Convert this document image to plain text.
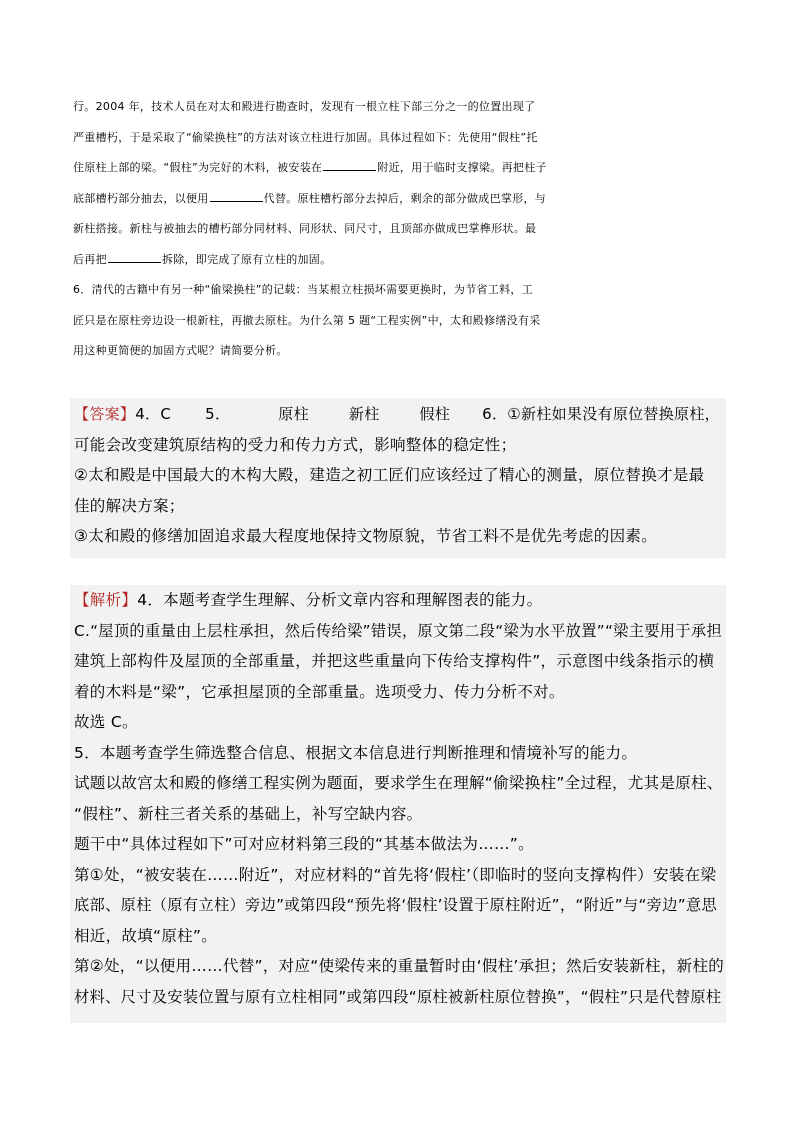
行。2004 年，技术人员在对太和殿进行勘查时，发现有一根立柱下部三分之一的位置出现了
严重槽朽，于是采取了“偷梁换柱”的方法对该立柱进行加固。具体过程如下：先使用“假柱”托
住原柱上部的梁。“假柱”为完好的木料，被安装在	附近，用于临时支撑梁。再把柱子
底部槽朽部分抽去，以便用	代替。原柱槽朽部分去掉后，剩余的部分做成巴掌形，与
新柱搭接。新柱与被抽去的槽朽部分同材料、同形状、同尺寸，且顶部亦做成巴掌榫形状。最
后再把	拆除，即完成了原有立柱的加固。
6．清代的古籍中有另一种“偷梁换柱”的记载：当某根立柱损坏需要更换时，为节省工料，工
匠只是在原柱旁边设一根新柱，再撤去原柱。为什么第 5 题“工程实例”中，太和殿修缮没有采
用这种更简便的加固方式呢？请简要分析。
【答案】4．C 5．	原柱	新柱	假柱 6．①新柱如果没有原位替换原柱，
可能会改变建筑原结构的受力和传力方式，影响整体的稳定性；
②太和殿是中国最大的木构大殿，建造之初工匠们应该经过了精心的测量，原位替换才是最
佳的解决方案；
③太和殿的修缮加固追求最大程度地保持文物原貌，节省工料不是优先考虑的因素。
【解析】4．本题考查学生理解、分析文章内容和理解图表的能力。
C.“屋顶的重量由上层柱承担，然后传给梁”错误，原文第二段“梁为水平放置”“梁主要用于承担
建筑上部构件及屋顶的全部重量，并把这些重量向下传给支撑构件”，示意图中线条指示的横
着的木料是“梁”，它承担屋顶的全部重量。选项受力、传力分析不对。
故选 C。
5．本题考查学生筛选整合信息、根据文本信息进行判断推理和情境补写的能力。
试题以故宫太和殿的修缮工程实例为题面，要求学生在理解“偷梁换柱”全过程，尤其是原柱、
“假柱”、新柱三者关系的基础上，补写空缺内容。
题干中“具体过程如下”可对应材料第三段的“其基本做法为……”。
第①处，“被安装在……附近”，对应材料的“首先将‘假柱’（即临时的竖向支撑构件）安装在梁
底部、原柱（原有立柱）旁边”或第四段“预先将‘假柱’设置于原柱附近”，“附近”与“旁边”意思
相近，故填“原柱”。
第②处，“以便用……代替”，对应“使梁传来的重量暂时由‘假柱’承担；然后安装新柱，新柱的
材料、尺寸及安装位置与原有立柱相同”或第四段“原柱被新柱原位替换”，“假柱”只是代替原柱
